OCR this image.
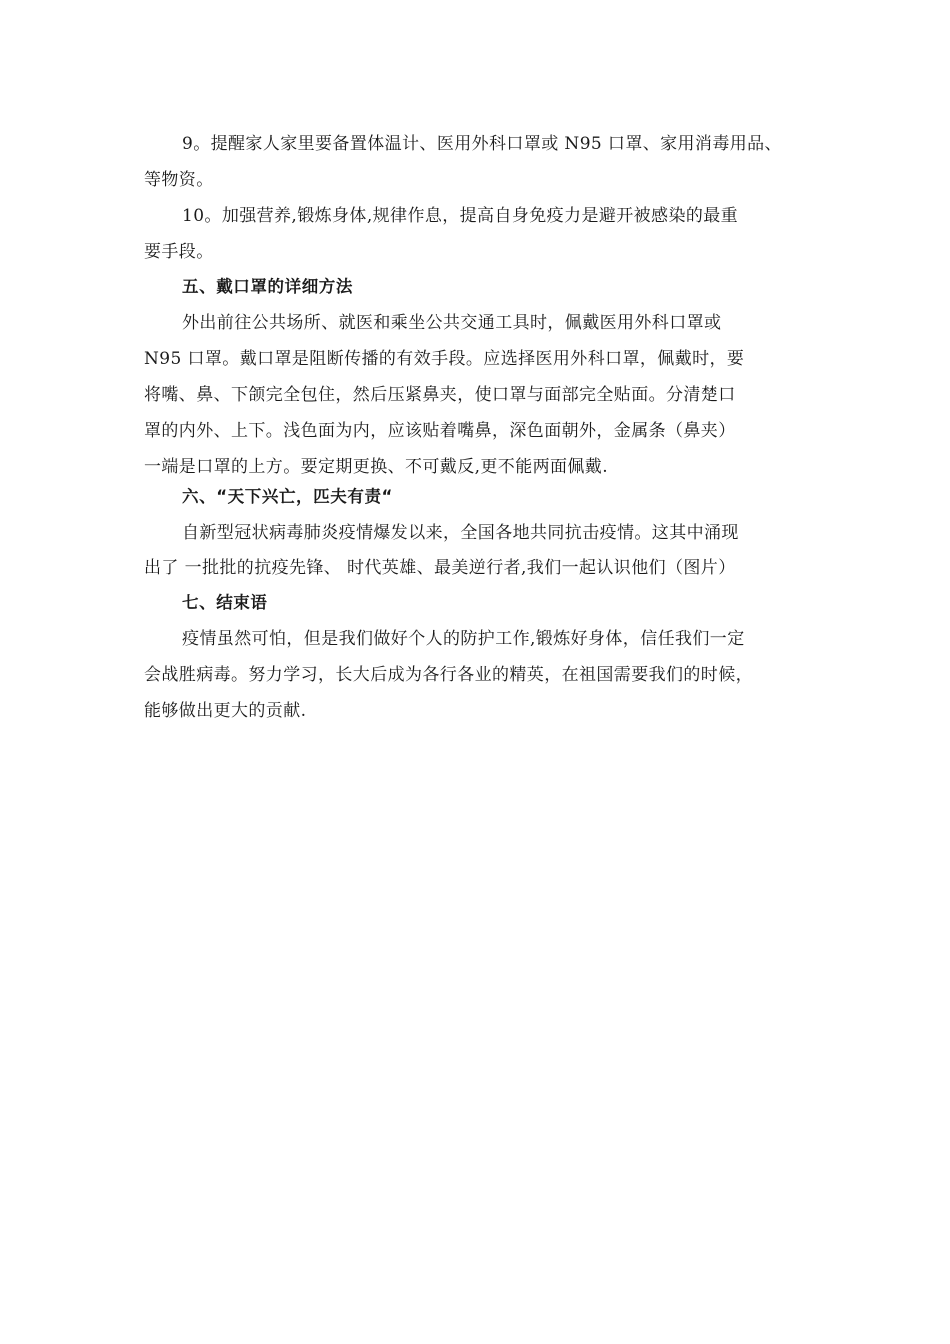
9。提醒家人家里要备置体温计、医用外科口罩或 N95 口罩、家用消毒用品、
等物资。
10。加强营养,锻炼身体,规律作息，提高自身免疫力是避开被感染的最重
要手段。
五、戴口罩的详细方法
外出前往公共场所、就医和乘坐公共交通工具时，佩戴医用外科口罩或
N95 口罩。戴口罩是阻断传播的有效手段。应选择医用外科口罩，佩戴时，要
将嘴、鼻、下颌完全包住，然后压紧鼻夹，使口罩与面部完全贴面。分清楚口
罩的内外、上下。浅色面为内，应该贴着嘴鼻，深色面朝外，金属条（鼻夹）
一端是口罩的上方。要定期更换、不可戴反,更不能两面佩戴.
六、“天下兴亡，匹夫有责“
自新型冠状病毒肺炎疫情爆发以来，全国各地共同抗击疫情。这其中涌现
出了 一批批的抗疫先锋、 时代英雄、最美逆行者,我们一起认识他们（图片）
七、结束语
疫情虽然可怕，但是我们做好个人的防护工作,锻炼好身体，信任我们一定
会战胜病毒。努力学习，长大后成为各行各业的精英，在祖国需要我们的时候，
能够做出更大的贡献.
